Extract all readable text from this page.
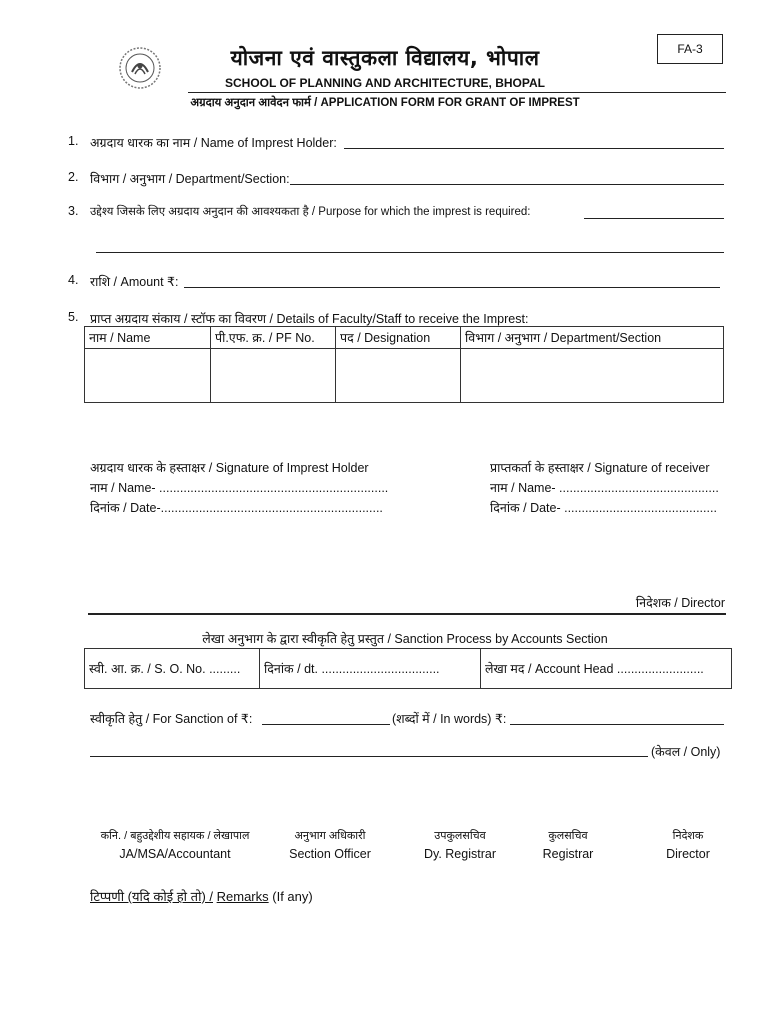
योजना एवं वास्तुकला विद्यालय, भोपाल
SCHOOL OF PLANNING AND ARCHITECTURE, BHOPAL
अग्रदाय अनुदान आवेदन फार्म / APPLICATION FORM FOR GRANT OF IMPREST
FA-3
1. अग्रदाय धारक का नाम / Name of Imprest Holder:
2. विभाग / अनुभाग / Department/Section:
3. उद्देश्य जिसके लिए अग्रदाय अनुदान की आवश्यकता है / Purpose for which the imprest is required:
4. राशि / Amount ₹:
5. प्राप्त अग्रदाय संकाय / स्टॉफ का विवरण / Details of Faculty/Staff to receive the Imprest:
नाम / Name	पी.एफ. क्र. / PF No.	पद / Designation	विभाग / अनुभाग / Department/Section

अग्रदाय धारक के हस्ताक्षर / Signature of Imprest Holder
नाम / Name- ..................................................................
दिनांक / Date-................................................................
प्राप्तकर्ता के हस्ताक्षर / Signature of receiver
नाम / Name- ..............................................
दिनांक / Date- ............................................
निदेशक / Director
लेखा अनुभाग के द्वारा स्वीकृति हेतु प्रस्तुत / Sanction Process by Accounts Section
स्वी. आ. क्र. / S. O. No. .........	दिनांक / dt. ..................................	लेखा मद / Account Head .........................
स्वीकृति हेतु / For Sanction of ₹:	(शब्दों में / In words) ₹:
(केवल / Only)
कनि. / बहुउद्देशीय सहायक / लेखापाल
JA/MSA/Accountant
अनुभाग अधिकारी
Section Officer
उपकुलसचिव
Dy. Registrar
कुलसचिव
Registrar
निदेशक
Director
टिप्पणी (यदि कोई हो तो) / Remarks (If any)
